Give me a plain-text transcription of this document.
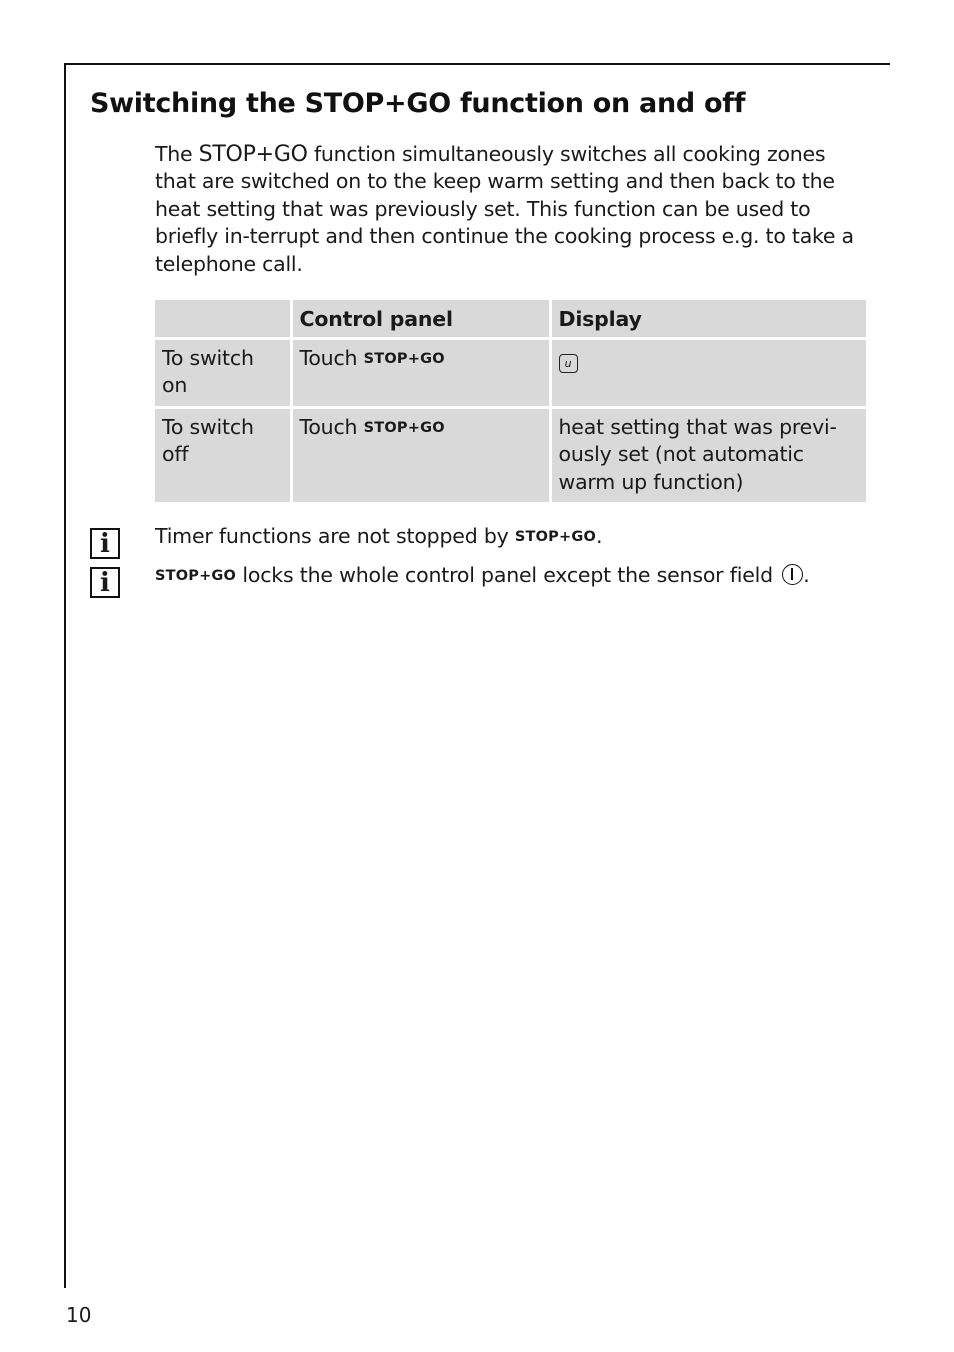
Switching the STOP+GO function on and off

The STOP+GO function simultaneously switches all cooking zones that are switched on to the keep warm setting and then back to the heat setting that was previously set. This function can be used to briefly in-terrupt and then continue the cooking process e.g. to take a telephone call.

	Control panel	Display
To switch on	Touch STOP+GO	u
To switch off	Touch STOP+GO	heat setting that was previ-ously set (not automatic warm up function)
i	Timer functions are not stopped by STOP+GO.
i	STOP+GO locks the whole control panel except the sensor field .
10
